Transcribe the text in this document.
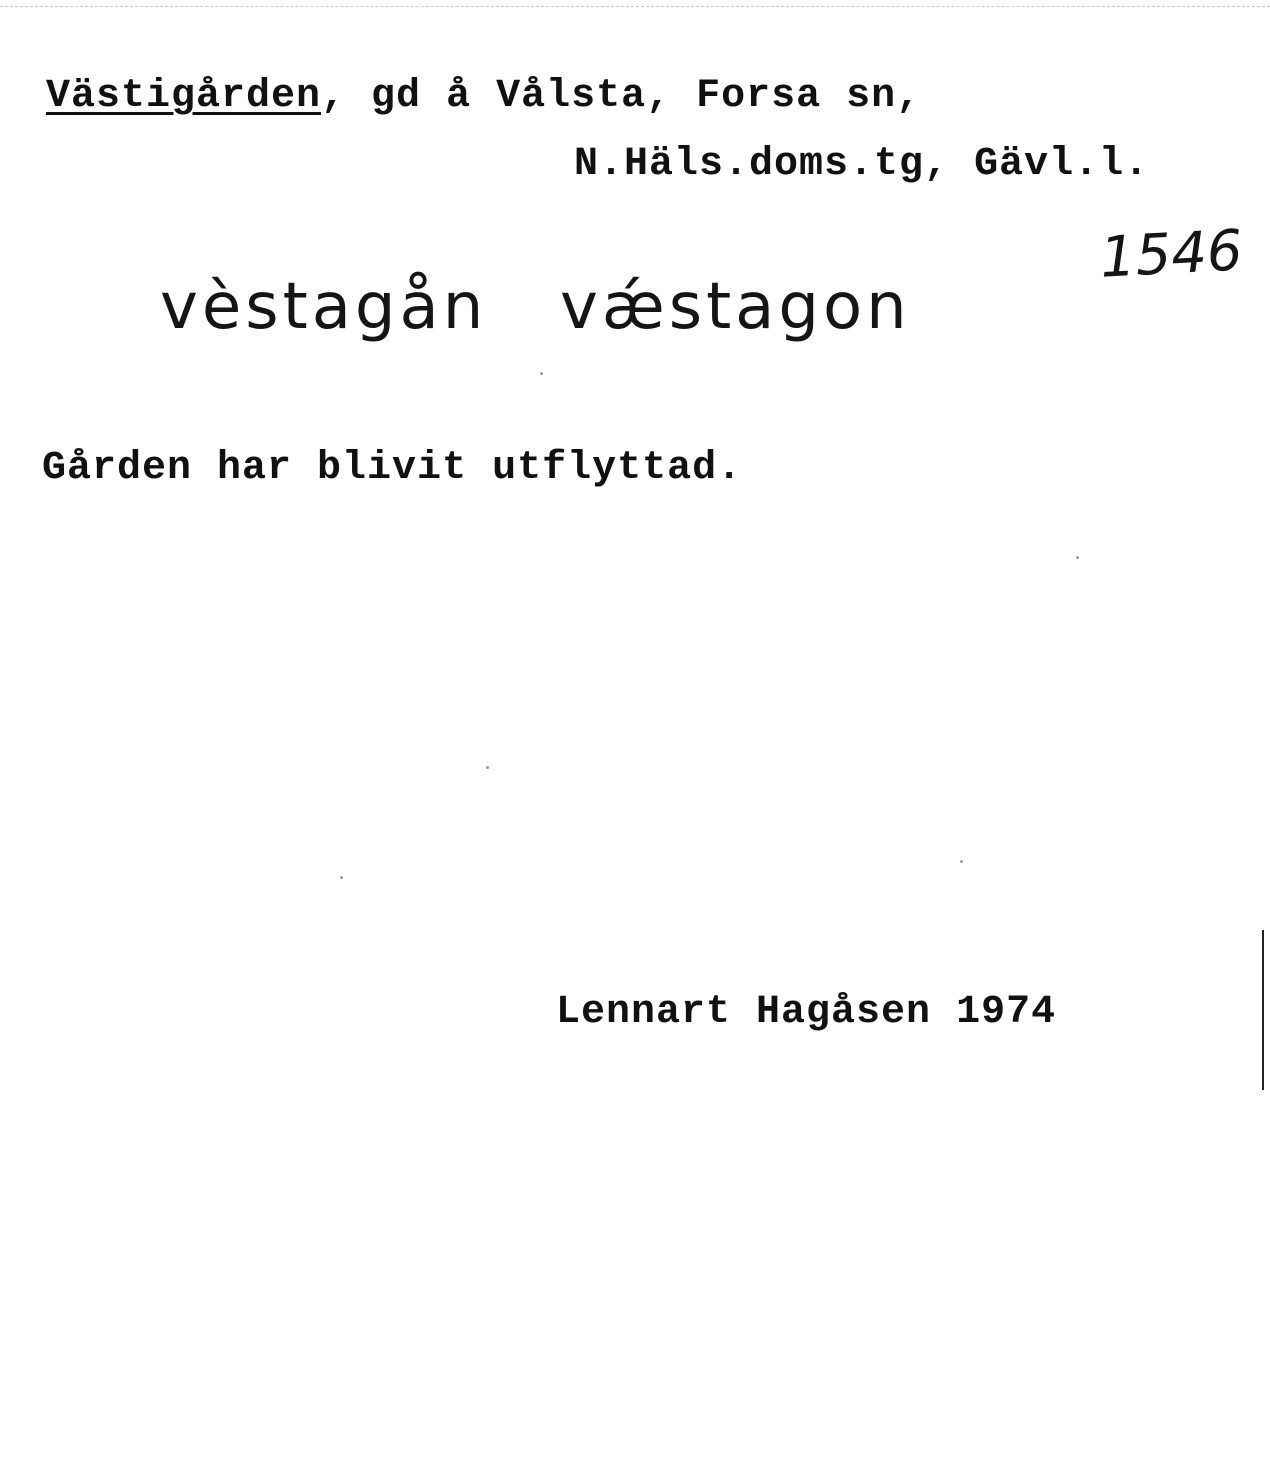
Västigården, gd å Vålsta, Forsa sn,
N.Häls.doms.tg, Gävl.l.
1546
vèstagån vǽstagon
Gården har blivit utflyttad.
Lennart Hagåsen 1974
